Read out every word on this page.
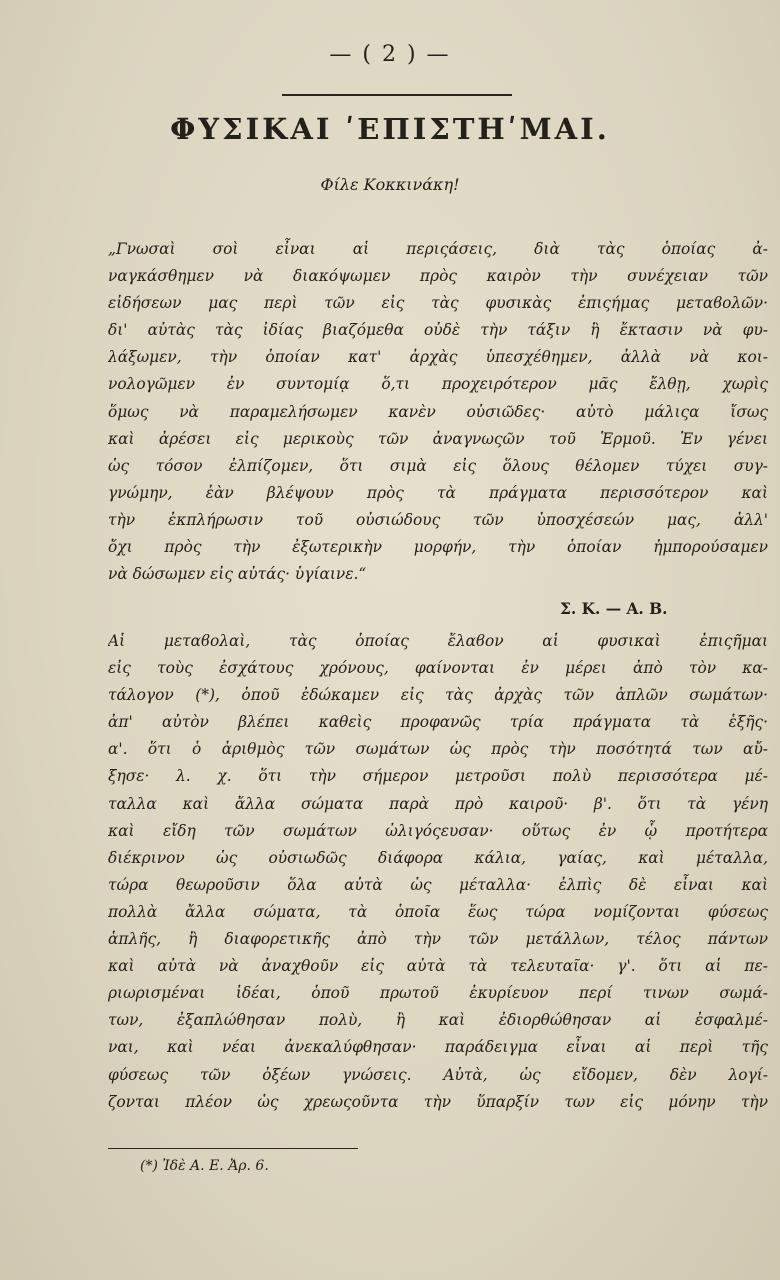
— ( 2 ) —
ΦΥΣΙΚΑΙ ʹΕΠΙΣΤΗʹΜΑΙ.
Φίλε Κοκκινάκη!
„Γνωσαὶ σοὶ εἶναι αἱ περιςάσεις, διὰ τὰς ὁποίας ἀ-
ναγκάσθημεν νὰ διακόψωμεν πρὸς καιρὸν τὴν συνέχειαν τῶν
εἰδήσεων μας περὶ τῶν εἰς τὰς φυσικὰς ἐπιςήμας μεταϐολῶν·
δι' αὐτὰς τὰς ἰδίας βιαζόμεθα οὐδὲ τὴν τάξιν ἢ ἔκτασιν νὰ φυ-
λάξωμεν, τὴν ὁποίαν κατ' ἀρχὰς ὑπεσχέθημεν, ἀλλὰ νὰ κοι-
νολογῶμεν ἐν συντομίᾳ ὅ,τι προχειρότερον μᾶς ἔλθῃ, χωρὶς
ὅμως νὰ παραμελήσωμεν κανὲν οὐσιῶδες· αὐτὸ μάλιςα ἴσως
καὶ ἀρέσει εἰς μερικοὺς τῶν ἀναγνωςῶν τοῦ Ἑρμοῦ. Ἐν γένει
ὡς τόσον ἐλπίζομεν, ὅτι σιμὰ εἰς ὅλους θέλομεν τύχει συγ-
γνώμην, ἐὰν βλέψουν πρὸς τὰ πράγματα περισσότερον καὶ
τὴν ἐκπλήρωσιν τοῦ οὐσιώδους τῶν ὑποσχέσεών μας, ἀλλ'
ὄχι πρὸς τὴν ἐξωτερικὴν μορφήν, τὴν ὁποίαν ἠμπορούσαμεν
νὰ δώσωμεν εἰς αὐτάς· ὑγίαινε.“
Σ. Κ. — Α. Β.
Αἱ μεταϐολαὶ, τὰς ὁποίας ἔλαϐον αἱ φυσικαὶ ἐπιςῆμαι
εἰς τοὺς ἐσχάτους χρόνους, φαίνονται ἐν μέρει ἀπὸ τὸν κα-
τάλογον (*), ὁποῦ ἐδώκαμεν εἰς τὰς ἀρχὰς τῶν ἁπλῶν σωμάτων·
ἀπ' αὐτὸν βλέπει καθεὶς προφανῶς τρία πράγματα τὰ ἑξῆς·
α'. ὅτι ὁ ἀριθμὸς τῶν σωμάτων ὡς πρὸς τὴν ποσότητά των αὔ-
ξησε· λ. χ. ὅτι τὴν σήμερον μετροῦσι πολὺ περισσότερα μέ-
ταλλα καὶ ἄλλα σώματα παρὰ πρὸ καιροῦ· β'. ὅτι τὰ γένη
καὶ εἴδη τῶν σωμάτων ὠλιγόςευσαν· οὕτως ἐν ᾧ προτήτερα
διέκρινον ὡς οὐσιωδῶς διάφορα κάλια, γαίας, καὶ μέταλλα,
τώρα θεωροῦσιν ὅλα αὐτὰ ὡς μέταλλα· ἐλπὶς δὲ εἶναι καὶ
πολλὰ ἄλλα σώματα, τὰ ὁποῖα ἕως τώρα νομίζονται φύσεως
ἁπλῆς, ἢ διαφορετικῆς ἀπὸ τὴν τῶν μετάλλων, τέλος πάντων
καὶ αὐτὰ νὰ ἀναχθοῦν εἰς αὐτὰ τὰ τελευταῖα· γ'. ὅτι αἱ πε-
ριωρισμέναι ἰδέαι, ὁποῦ πρωτοῦ ἐκυρίευον περί τινων σωμά-
των, ἐξαπλώθησαν πολὺ, ἢ καὶ ἐδιορθώθησαν αἱ ἐσφαλμέ-
ναι, καὶ νέαι ἀνεκαλύφθησαν· παράδειγμα εἶναι αἱ περὶ τῆς
φύσεως τῶν ὀξέων γνώσεις. Αὐτὰ, ὡς εἴδομεν, δὲν λογί-
ζονται πλέον ὡς χρεωςοῦντα τὴν ὕπαρξίν των εἰς μόνην τὴν
(*) Ἰδὲ Α. Ε. Ἀρ. 6.
